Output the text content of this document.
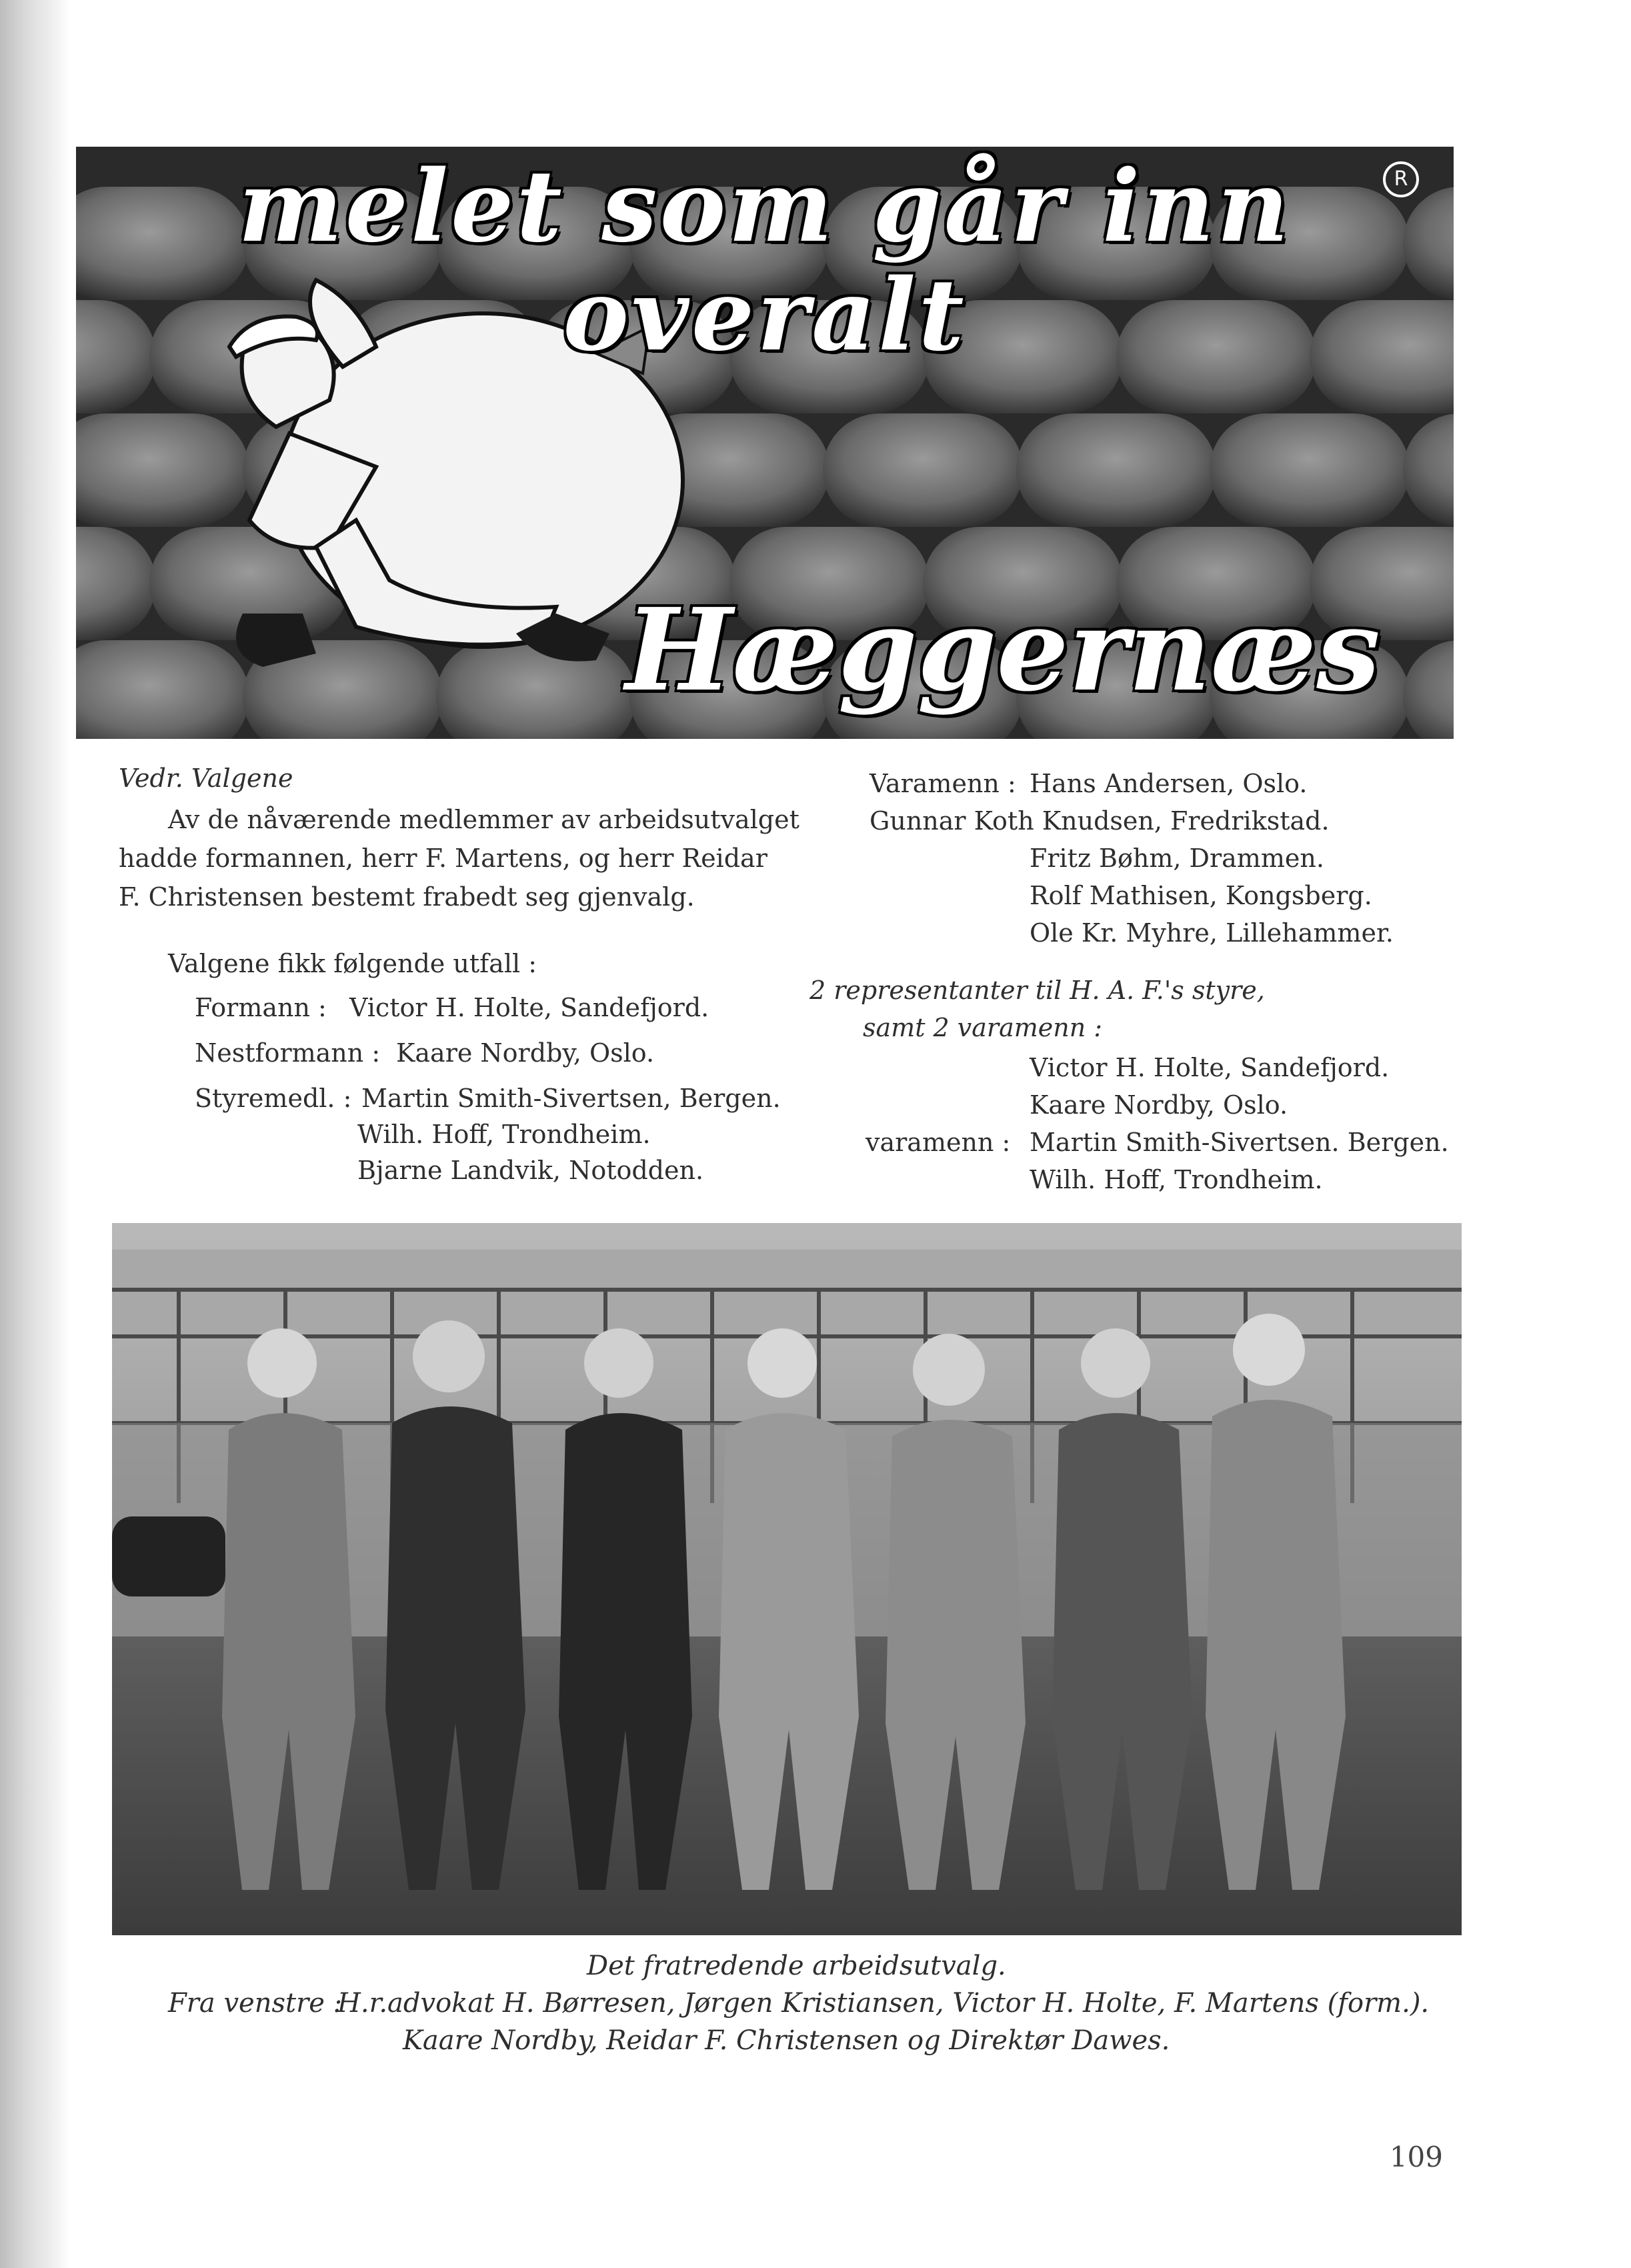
melet som går inn overalt
R
Hæggernæs
Vedr. Valgene
Av de nåværende medlemmer av arbeidsutvalget
hadde formannen, herr F. Martens, og herr Reidar
F. Christensen bestemt frabedt seg gjenvalg.
Valgene fikk følgende utfall :
Formann : Victor H. Holte, Sandefjord.
Nestformann : Kaare Nordby, Oslo.
Styremedl. : Martin Smith-Sivertsen, Bergen.
Wilh. Hoff, Trondheim.
Bjarne Landvik, Notodden.
Varamenn : Hans Andersen, Oslo.
Gunnar Koth Knudsen, Fredrikstad.
Fritz Bøhm, Drammen.
Rolf Mathisen, Kongsberg.
Ole Kr. Myhre, Lillehammer.
2 representanter til H. A. F.'s styre,
samt 2 varamenn :
Victor H. Holte, Sandefjord.
Kaare Nordby, Oslo.
varamenn : Martin Smith-Sivertsen. Bergen.
Wilh. Hoff, Trondheim.
Det fratredende arbeidsutvalg.
Fra venstre :
H.r.advokat H. Børresen, Jørgen Kristiansen, Victor H. Holte, F. Martens (form.).
Kaare Nordby, Reidar F. Christensen og Direktør Dawes.
109
